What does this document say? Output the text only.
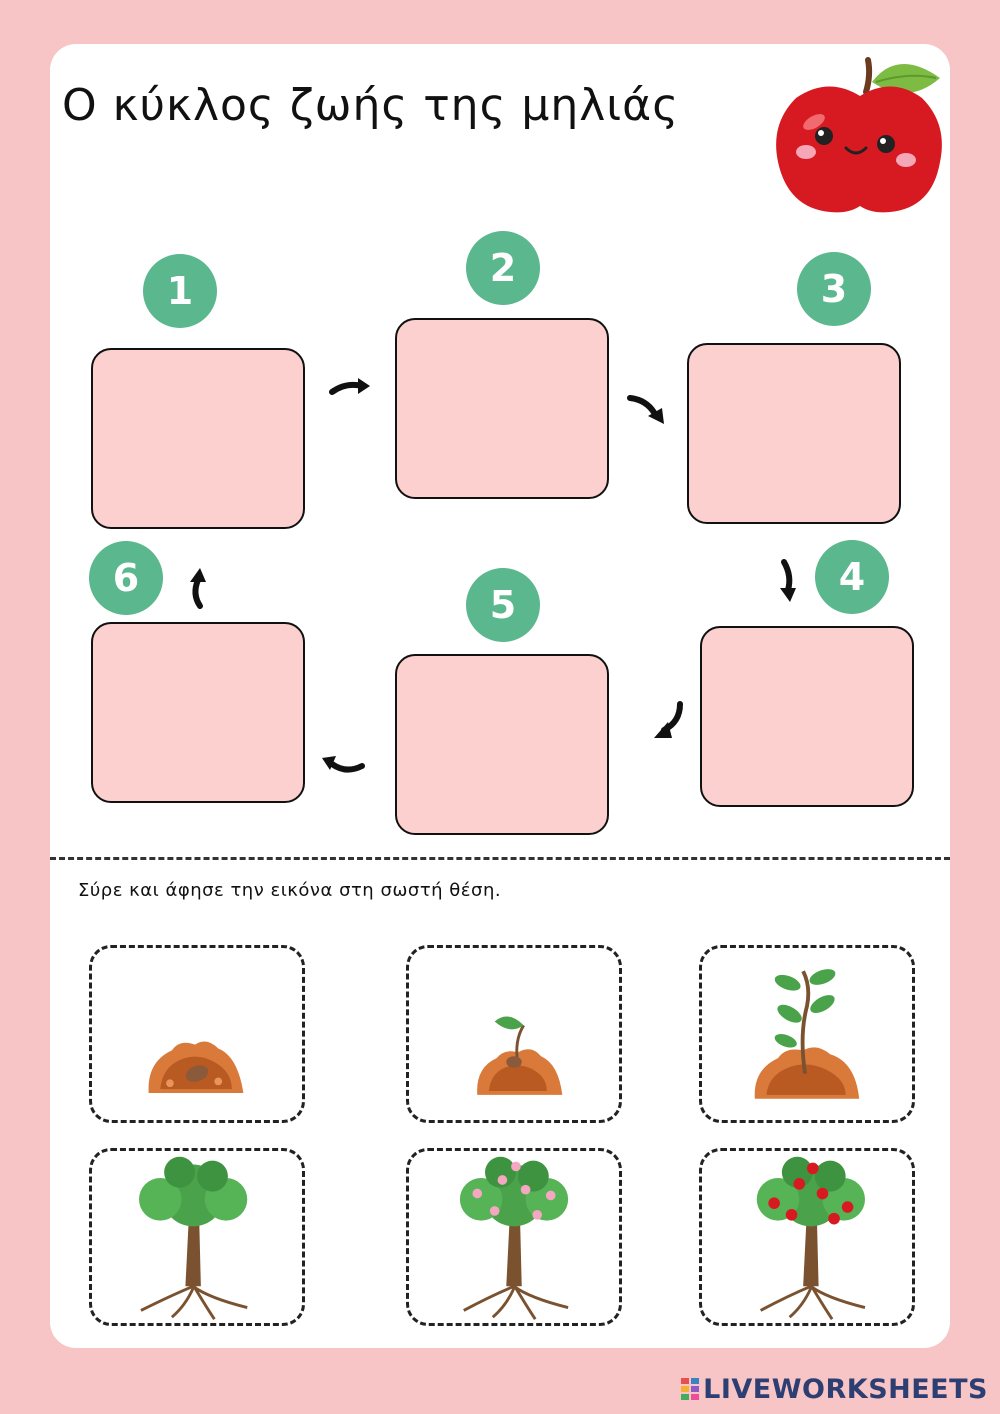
Ο κύκλος ζωής της μηλιάς
1
2	3
4
5
6
Σύρε και άφησε την εικόνα στη σωστή θέση.
LIVEWORKSHEETS
